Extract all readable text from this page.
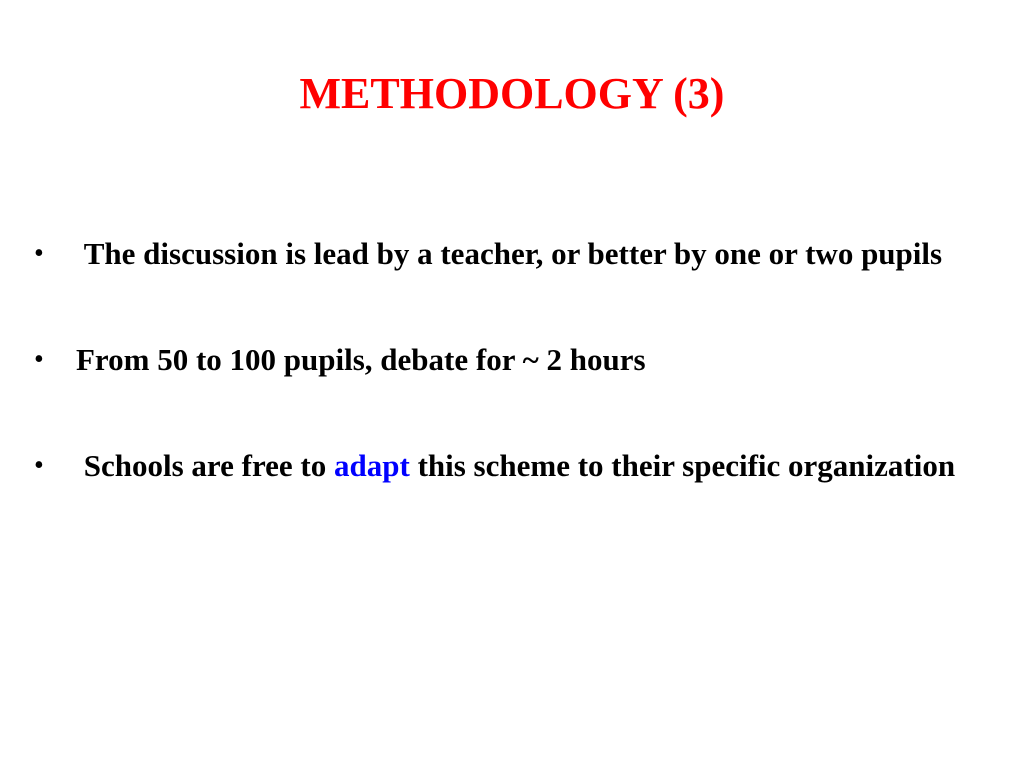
METHODOLOGY (3)
• The discussion is lead by a teacher, or better by one or two pupils
• From 50 to 100 pupils, debate for ~ 2 hours
• Schools are free to adapt this scheme to their specific organization
